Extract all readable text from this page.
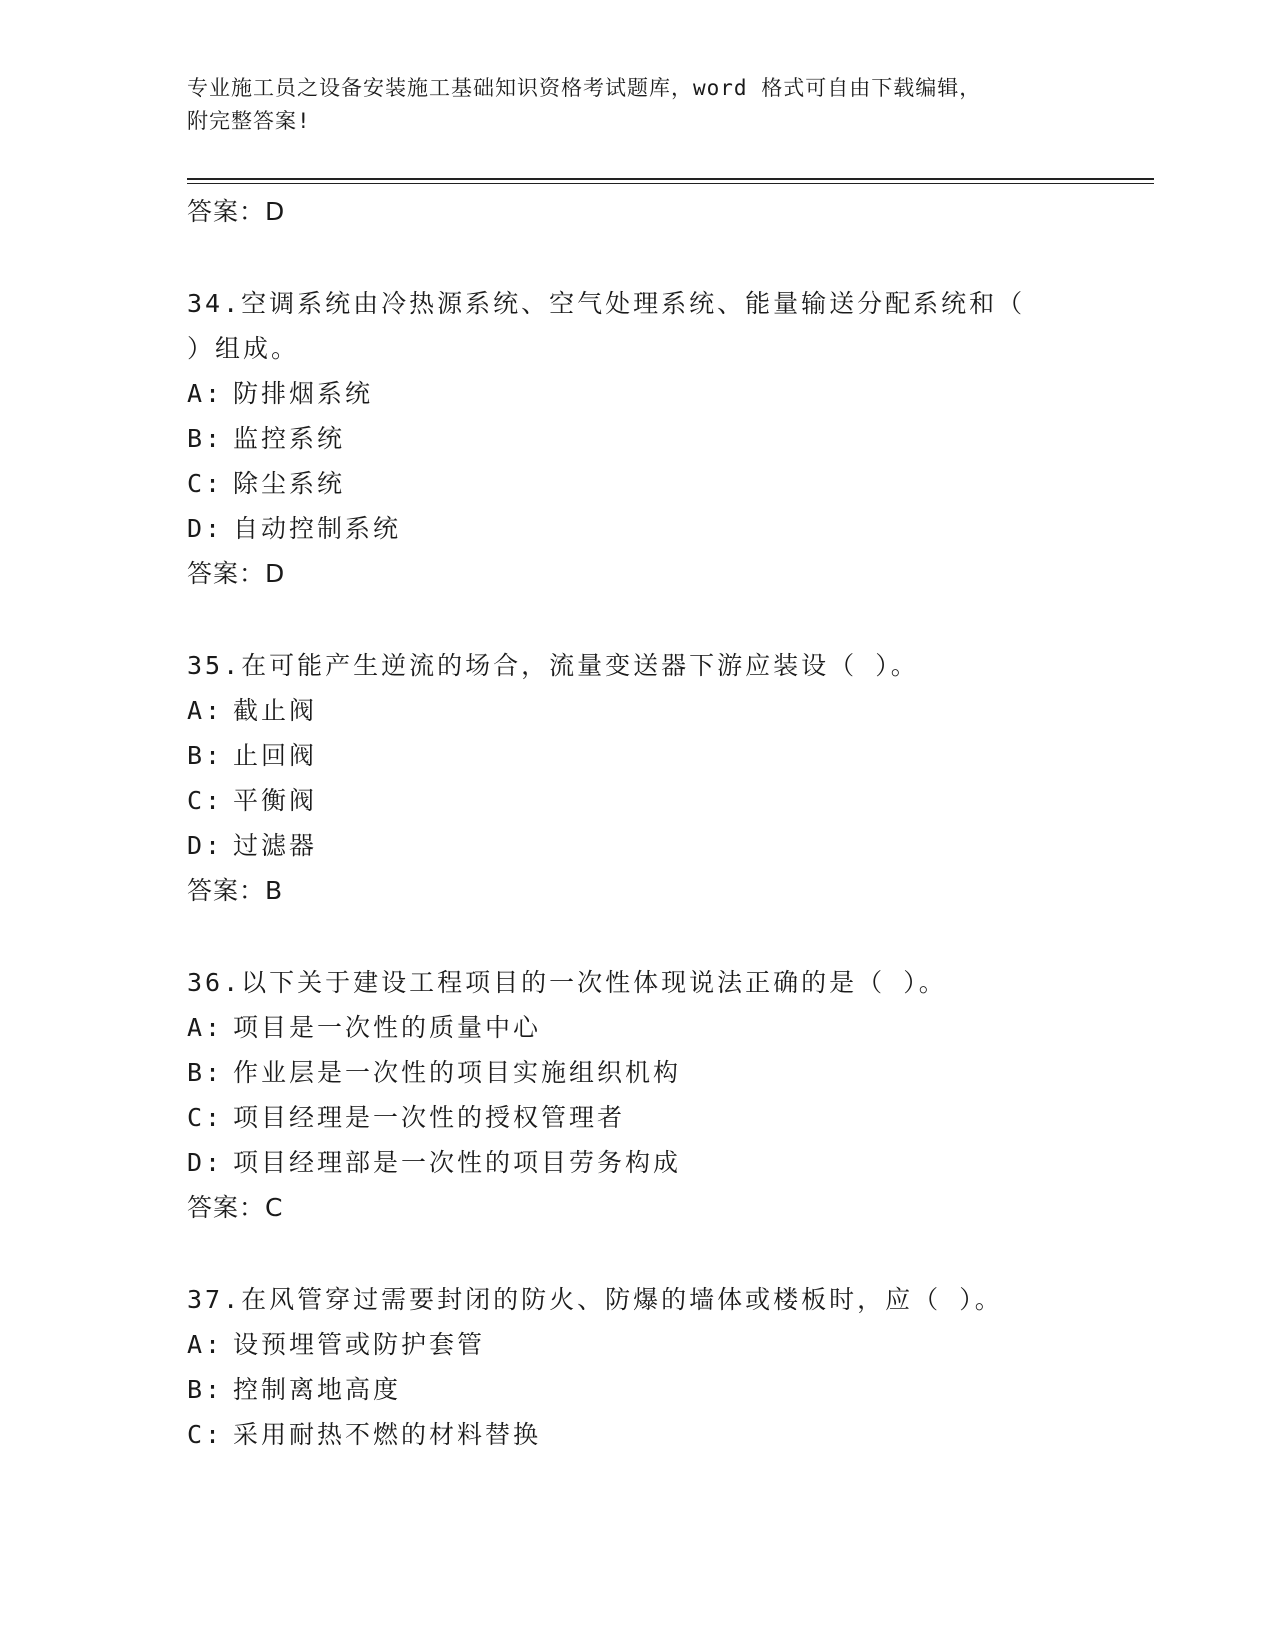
专业施工员之设备安装施工基础知识资格考试题库，word 格式可自由下载编辑，
附完整答案!
答案：D
34.空调系统由冷热源系统、空气处理系统、能量输送分配系统和（
）组成。
A: 防排烟系统
B: 监控系统
C: 除尘系统
D: 自动控制系统
答案：D
35.在可能产生逆流的场合，流量变送器下游应装设（ ）。
A: 截止阀
B: 止回阀
C: 平衡阀
D: 过滤器
答案：B
36.以下关于建设工程项目的一次性体现说法正确的是（ ）。
A: 项目是一次性的质量中心
B: 作业层是一次性的项目实施组织机构
C: 项目经理是一次性的授权管理者
D: 项目经理部是一次性的项目劳务构成
答案：C
37.在风管穿过需要封闭的防火、防爆的墙体或楼板时，应（ ）。
A: 设预埋管或防护套管
B: 控制离地高度
C: 采用耐热不燃的材料替换
